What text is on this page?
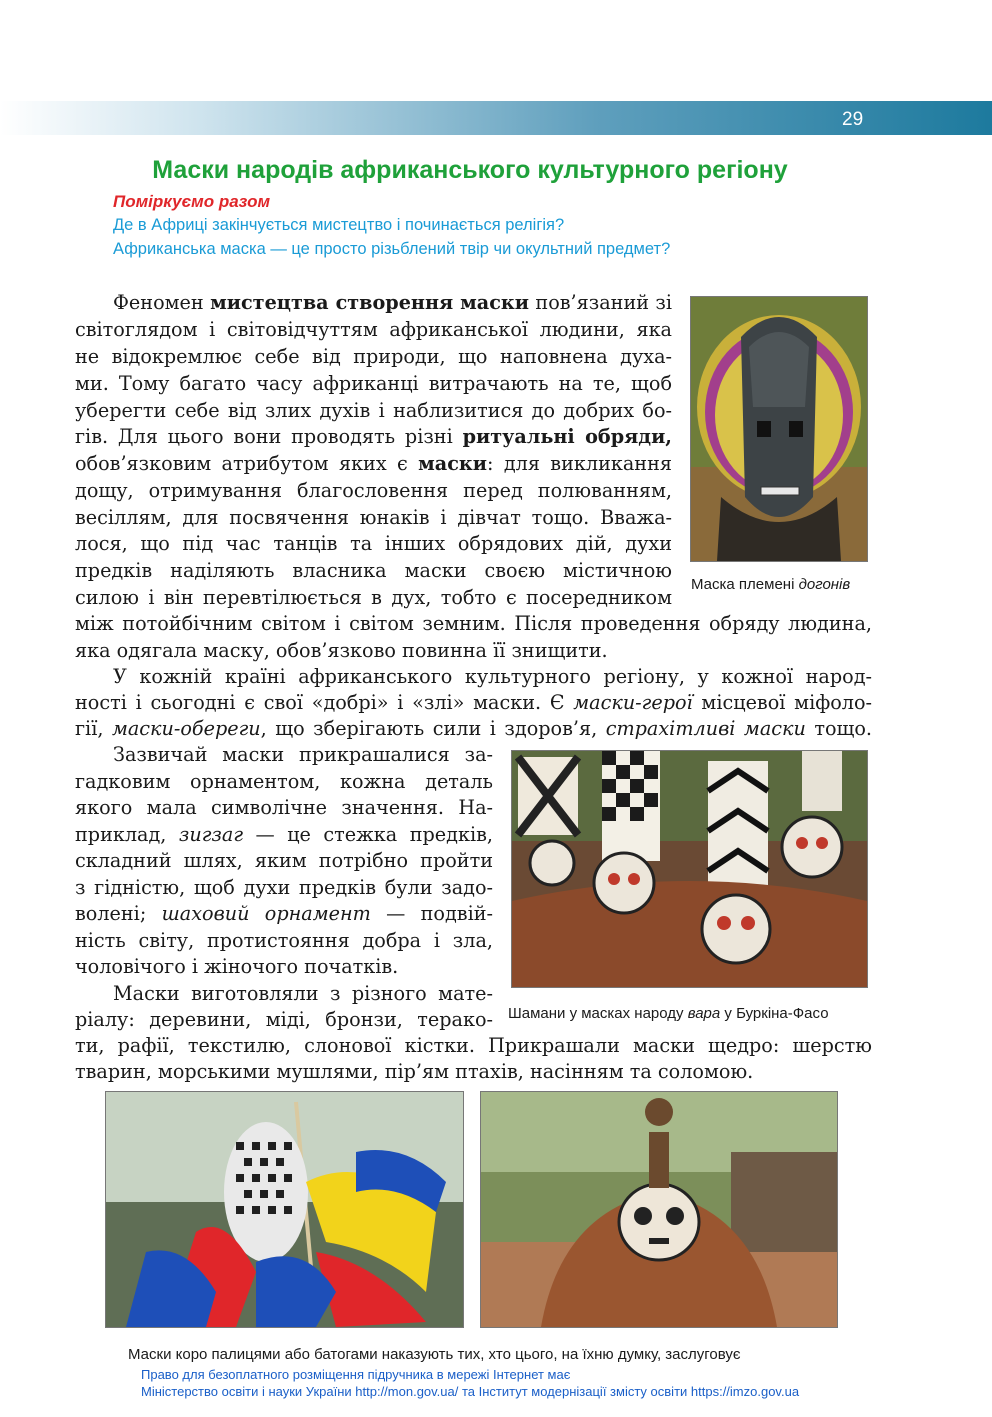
29
Маски народів африканського культурного регіону
Поміркуємо разом
Де в Африці закінчується мистецтво і починається релігія?
Африканська маска — це просто різьблений твір чи окультний предмет?
Феномен мистецтва створення маски пов’язаний зі
світоглядом і світовідчуттям африканської людини, яка
не відокремлює себе від природи, що наповнена духа-
ми. Тому багато часу африканці витрачають на те, щоб
уберегти себе від злих духів і наблизитися до добрих бо-
гів. Для цього вони проводять різні ритуальні обряди,
обов’язковим атрибутом яких є маски: для викликання
дощу, отримування благословення перед полюванням,
весіллям, для посвячення юнаків і дівчат тощо. Вважа-
лося, що під час танців та інших обрядових дій, духи
предків наділяють власника маски своєю містичною
силою і він перевтілюється в дух, тобто є посередником
між потойбічним світом і світом земним. Після проведення обряду людина,
яка одягала маску, обов’язково повинна її знищити.
У кожній країні африканського культурного регіону, у кожної народ-
ності і сьогодні є свої «добрі» і «злі» маски. Є маски-герої місцевої міфоло-
гії, маски-обереги, що зберігають сили і здоров’я, страхітливі маски тощо.
Зазвичай маски прикрашалися за-
гадковим орнаментом, кожна деталь
якого мала символічне значення. На-
приклад, зигзаг — це стежка предків,
складний шлях, яким потрібно пройти
з гідністю, щоб духи предків були задо-
волені; шаховий орнамент — подвій-
ність світу, протистояння добра і зла,
чоловічого і жіночого початків.
Маски виготовляли з різного мате-
ріалу: деревини, міді, бронзи, терако-
ти, рафії, текстилю, слонової кістки. Прикрашали маски щедро: шерстю
тварин, морськими мушлями, пір’ям птахів, насінням та соломою.
Маска племені догонів
Шамани у масках народу вара у Буркіна-Фасо
Маски коро палицями або батогами наказують тих, хто цього, на їхню думку, заслуговує
Право для безоплатного розміщення підручника в мережі Інтернет має
Міністерство освіти і науки України http://mon.gov.ua/ та Інститут модернізації змісту освіти https://imzo.gov.ua
